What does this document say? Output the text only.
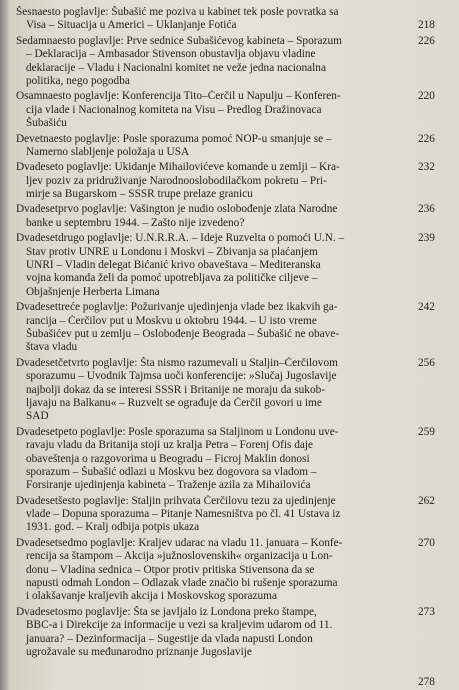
Šesnaesto poglavlje: Šubašić me poziva u kabinet tek posle povratka sa
Visa – Situacija u Americi – Uklanjanje Fotića	218
Sedamnaesto poglavlje: Prve sednice Subašićevog kabineta – Sporazum
– Deklaracija – Ambasador Stivenson obustavlja objavu vladine
deklaracije – Vladu i Nacionalni komitet ne veže jedna nacionalna
politika, nego pogodba
226
Osamnaesto poglavlje: Konferencija Tito–Čerčil u Napulju – Konferen-
cija vlade i Nacionalnog komiteta na Visu – Predlog Dražinovaca
Šubašiću
220
Devetnaesto poglavlje: Posle sporazuma pomoć NOP-u smanjuje se –
Namerno slabljenje položaja u USA
226
Dvadeseto poglavlje: Ukidanje Mihailovićeve komande u zemlji – Kra-
ljev poziv za pridruživanje Narodnooslobodilačkom pokretu – Pri-
mirje sa Bugarskom – SSSR trupe prelaze granicu
232
Dvadesetprvo poglavlje: Vašington je nudio oslobođenje zlata Narodne
banke u septembru 1944. – Zašto nije izvedeno?
236
Dvadesetdrugo poglavlje: U.N.R.R.A. – Ideje Ruzvelta o pomoći U.N. –
Stav protiv UNRE u Londonu i Moskvi – Zbivanja sa plaćanjem
UNRI – Vladin delegat Bićanić krivo obaveštava – Mediteranska
vojna komanda želi da pomoć upotrebljava za političke ciljeve –
Objašnjenje Herberta Limana
239
Dvadesettreće poglavlje: Požurivanje ujedinjenja vlade bez ikakvih ga-
rancija – Čerčilov put u Moskvu u oktobru 1944. – U isto vreme
Šubašićev put u zemlju – Oslobođenje Beograda – Šubašić ne obave-
štava vladu
242
Dvadesetčetvrto poglavlje: Šta nismo razumevali u Staljin–Čerčilovom
sporazumu – Uvodnik Tajmsa uoči konferencije: »Slučaj Jugoslavije
najbolji dokaz da se interesi SSSR i Britanije ne moraju da sukob-
ljavaju na Balkanu« – Ruzvelt se ograđuje da Čerčil govori u ime
SAD
256
Dvadesetpeto poglavlje: Posle sporazuma sa Staljinom u Londonu uve-
ravaju vladu da Britanija stoji uz kralja Petra – Forenj Ofis daje
obaveštenja o razgovorima u Beogradu – Ficroj Maklin donosi
sporazum – Šubašić odlazi u Moskvu bez dogovora sa vladom –
Forsiranje ujedinjenja kabineta – Traženje azila za Mihailovića
259
Dvadesetšesto poglavlje: Staljin prihvata Čerčilovu tezu za ujedinjenje
vlade – Dopuna sporazuma – Pitanje Namesništva po čl. 41 Ustava iz
1931. god. – Kralj odbija potpis ukaza
262
Dvadesetsedmo poglavlje: Kraljev udarac na vladu 11. januara – Konfe-
rencija sa štampom – Akcija »južnoslovenskih« organizacija u Lon-
donu – Vladina sednica – Otpor protiv pritiska Stivensona da se
napusti odmah London – Odlazak vlade značio bi rušenje sporazuma
i olakšavanje kraljevih akcija i Moskovskog sporazuma
270
Dvadesetosmo poglavlje: Šta se javljalo iz Londona preko štampe,
BBC-a i Direkcije za informacije u vezi sa kraljevim udarom od 11.
januara? – Dezinformacija – Sugestije da vlada napusti London
ugrožavale su međunarodno priznanje Jugoslavije
273
278
